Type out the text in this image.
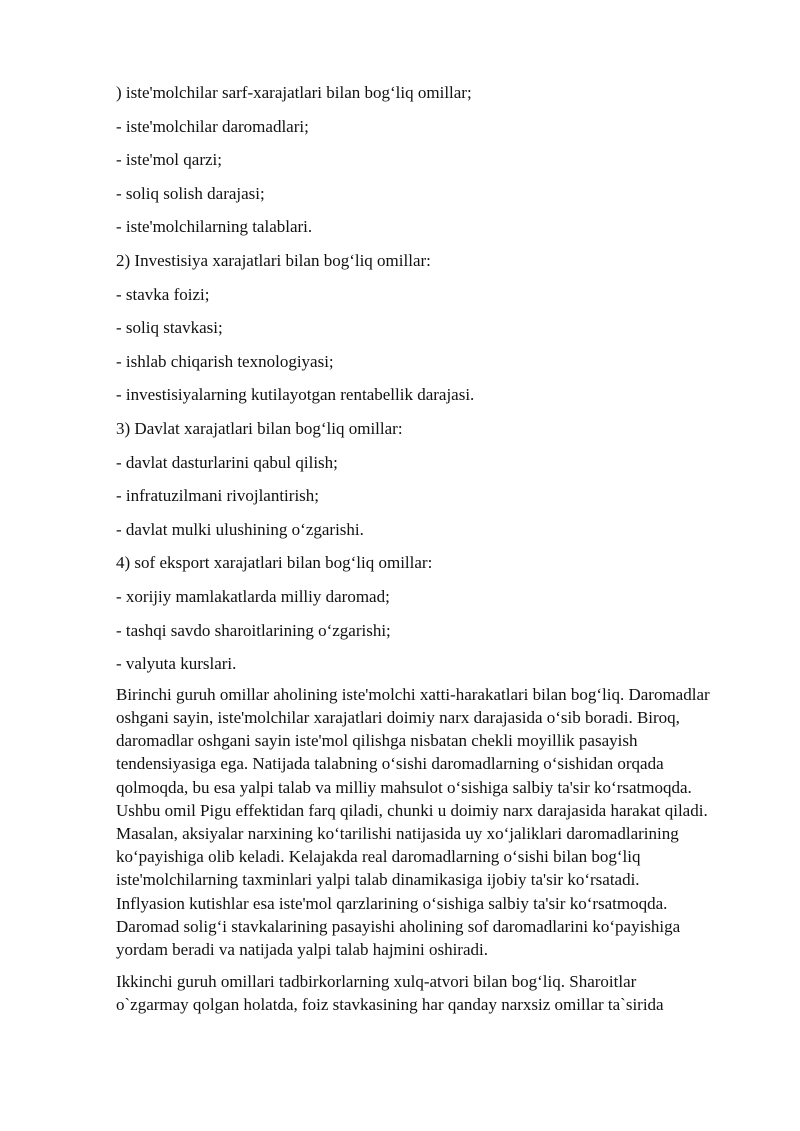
) iste'molchilar sarf-xarajatlari bilan bog‘liq omillar;
- iste'molchilar daromadlari;
- iste'mol qarzi;
- soliq solish darajasi;
- iste'molchilarning talablari.
2) Investisiya xarajatlari bilan bog‘liq omillar:
- stavka foizi;
- soliq stavkasi;
- ishlab chiqarish texnologiyasi;
- investisiyalarning kutilayotgan rentabellik darajasi.
3) Davlat xarajatlari bilan bog‘liq omillar:
- davlat dasturlarini qabul qilish;
- infratuzilmani rivojlantirish;
- davlat mulki ulushining o‘zgarishi.
4) sof eksport xarajatlari bilan bog‘liq omillar:
- xorijiy mamlakatlarda milliy daromad;
- tashqi savdo sharoitlarining o‘zgarishi;
- valyuta kurslari.

Birinchi guruh omillar aholining iste'molchi xatti-harakatlari bilan bog‘liq. Daromadlar oshgani sayin, iste'molchilar xarajatlari doimiy narx darajasida o‘sib boradi. Biroq, daromadlar oshgani sayin iste'mol qilishga nisbatan chekli moyillik pasayish tendensiyasiga ega. Natijada talabning o‘sishi daromadlarning o‘sishidan orqada qolmoqda, bu esa yalpi talab va milliy mahsulot o‘sishiga salbiy ta'sir ko‘rsatmoqda. Ushbu omil Pigu effektidan farq qiladi, chunki u doimiy narx darajasida harakat qiladi. Masalan, aksiyalar narxining ko‘tarilishi natijasida uy xo‘jaliklari daromadlarining ko‘payishiga olib keladi. Kelajakda real daromadlarning o‘sishi bilan bog‘liq iste'molchilarning taxminlari yalpi talab dinamikasiga ijobiy ta'sir ko‘rsatadi. Inflyasion kutishlar esa iste'mol qarzlarining o‘sishiga salbiy ta'sir ko‘rsatmoqda. Daromad solig‘i stavkalarining pasayishi aholining sof daromadlarini ko‘payishiga yordam beradi va natijada yalpi talab hajmini oshiradi.

Ikkinchi guruh omillari tadbirkorlarning xulq-atvori bilan bog‘liq. Sharoitlar o`zgarmay qolgan holatda, foiz stavkasining har qanday narxsiz omillar ta`sirida
